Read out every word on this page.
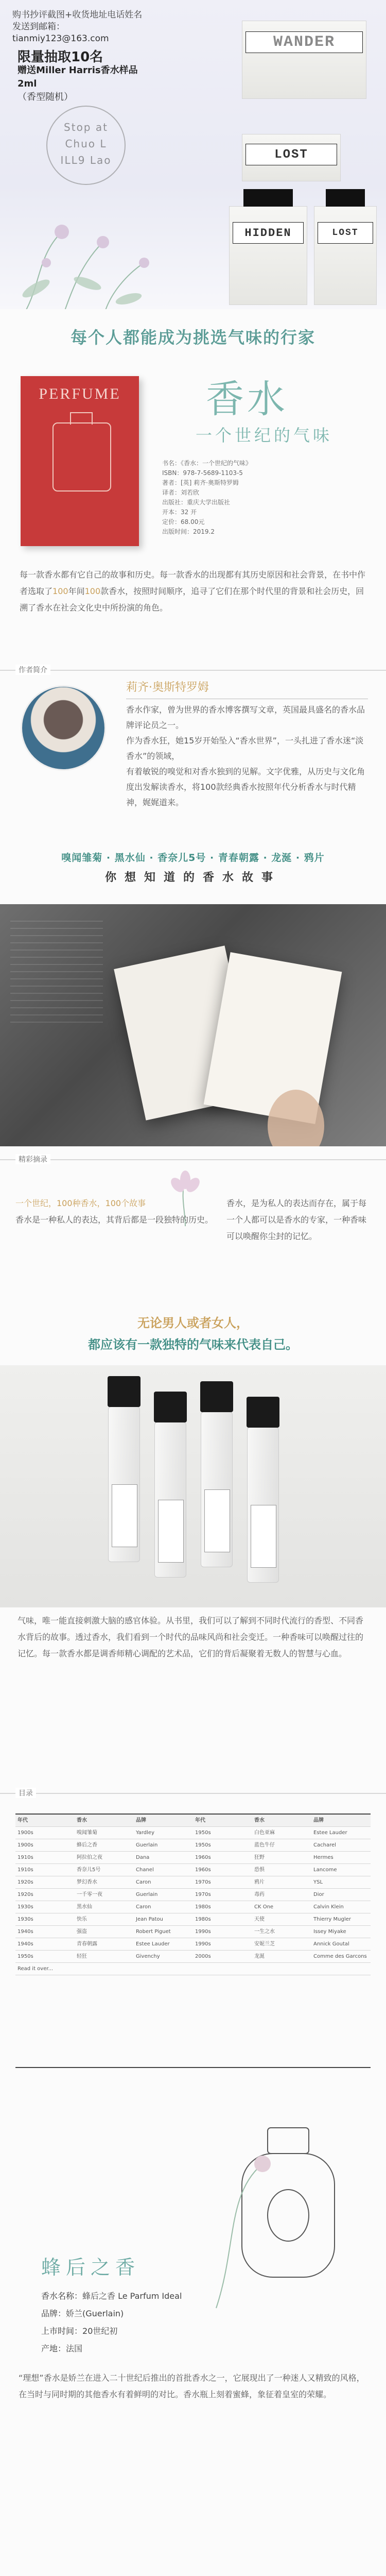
购书抄评截图+收货地址电话姓名
发送到邮箱：tianmiy123@163.com
限量抽取10名
赠送Miller Harris香水样品2ml
（香型随机）
Stop at
Chuo L
ILL9 Lao
WANDER
LOST
HIDDEN	LOST
每个人都能成为挑选气味的行家
PERFUME	香水
一个世纪的气味
书名：《香水：一个世纪的气味》
ISBN：978-7-5689-1103-5
著者：[英] 莉齐·奥斯特罗姆
译者：刘若欣
出版社：重庆大学出版社
开本：32 开
定价：68.00元
出版时间：2019.2

每一款香水都有它自己的故事和历史。每一款香水的出现都有其历史原因和社会背景，在书中作者选取了100年间100款香水，按照时间顺序，追寻了它们在那个时代里的背景和社会历史，回溯了香水在社会文化史中所扮演的角色。

作者简介
莉齐·奥斯特罗姆
香水作家，曾为世界的香水博客撰写文章，英国最具盛名的香水品牌评论员之一。
作为香水狂，她15岁开始坠入“香水世界”，一头扎进了香水迷“淡香水”的领域，
有着敏锐的嗅觉和对香水独到的见解。文字优雅，从历史与文化角度出发解读香水，将100款经典香水按照年代分析香水与时代精神，娓娓道来。
嗅闻雏菊 · 黑水仙 · 香奈儿5号 · 青春朝露 · 龙涎 · 鸦片
你想知道的香水故事
精彩摘录
一个世纪，100种香水，100个故事
香水是一种私人的表达，其背后都是一段独特的历史。
香水，是为私人的表达而存在，属于每一个人都可以是香水的专家，一种香味可以唤醒你尘封的记忆。
无论男人或者女人，
都应该有一款独特的气味来代表自己。

气味，唯一能直接刺激大脑的感官体验。从书里，我们可以了解到不同时代流行的香型、不同香水背后的故事。透过香水，我们看到一个时代的品味风尚和社会变迁。一种香味可以唤醒过往的记忆。每一款香水都是调香师精心调配的艺术品，它们的背后凝聚着无数人的智慧与心血。

目录
年代	香水	品牌	年代	香水	品牌
1900s	嗅闻雏菊	Yardley	1950s	白色亚麻	Estee Lauder
1900s	蜂后之香	Guerlain	1950s	蓝色牛仔	Cacharel
1910s	阿拉伯之夜	Dana	1960s	狂野	Hermes
1910s	香奈儿5号	Chanel	1960s	恐惧	Lancome
1920s	梦幻香水	Caron	1970s	鸦片	YSL
1920s	一千零一夜	Guerlain	1970s	毒药	Dior
1930s	黑水仙	Caron	1980s	CK One	Calvin Klein
1930s	快乐	Jean Patou	1980s	天使	Thierry Mugler
1940s	强盗	Robert Piguet	1990s	一生之水	Issey Miyake
1940s	青春朝露	Estee Lauder	1990s	安妮兰芝	Annick Goutal
1950s	轻狂	Givenchy	2000s	龙涎	Comme des Garcons
Read it over...
蜂后之香
香水名称：蜂后之香 Le Parfum Ideal
品牌：娇兰(Guerlain)
上市时间：20世纪初
产地：法国
“理想”香水是娇兰在进入二十世纪后推出的首批香水之一，它展现出了一种迷人又精致的风格，在当时与同时期的其他香水有着鲜明的对比。香水瓶上刻着蜜蜂，象征着皇室的荣耀。
